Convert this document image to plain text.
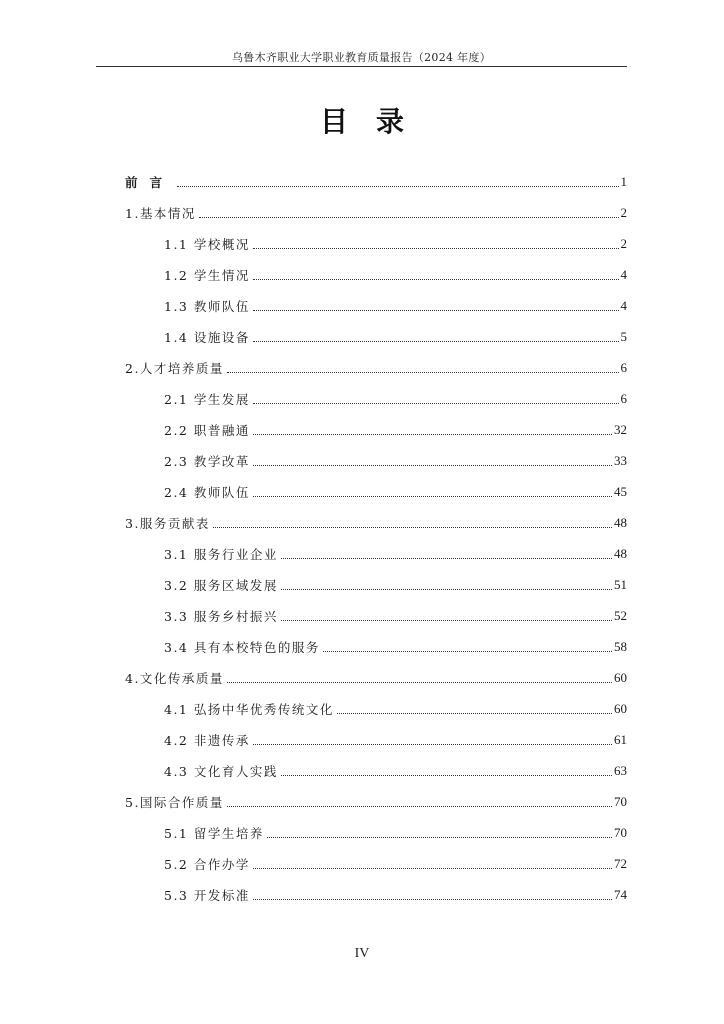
乌鲁木齐职业大学职业教育质量报告（2024 年度）
目录
前言	1
1.基本情况	2
1.1 学校概况	2
1.2 学生情况	4
1.3 教师队伍	4
1.4 设施设备	5
2.人才培养质量	6
2.1 学生发展	6
2.2 职普融通	32
2.3 教学改革	33
2.4 教师队伍	45
3.服务贡献表	48
3.1 服务行业企业	48
3.2 服务区域发展	51
3.3 服务乡村振兴	52
3.4 具有本校特色的服务	58
4.文化传承质量	60
4.1 弘扬中华优秀传统文化	60
4.2 非遗传承	61
4.3 文化育人实践	63
5.国际合作质量	70
5.1 留学生培养	70
5.2 合作办学	72
5.3 开发标准	74
IV
